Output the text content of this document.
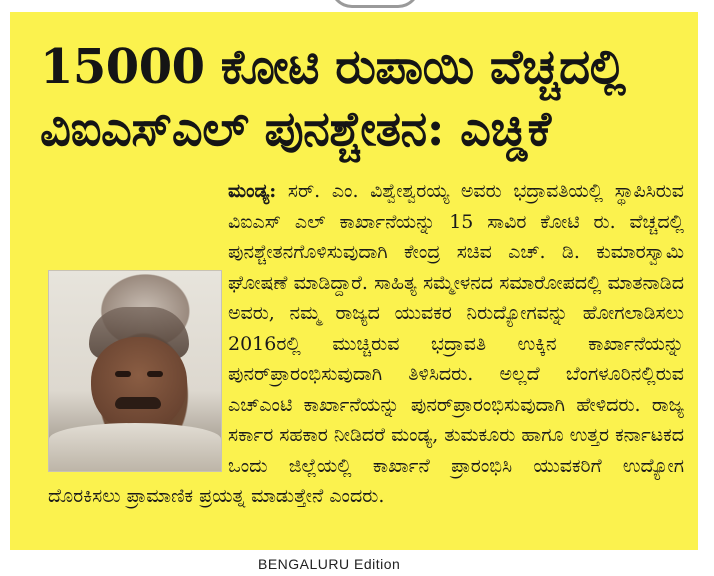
15000 ಕೋಟಿ ರುಪಾಯಿ ವೆಚ್ಚದಲ್ಲಿ
ವಿಐಎಸ್‌ಎಲ್ ಪುನಶ್ಚೇತನ: ಎಚ್ಡಿಕೆ

ಮಂಡ್ಯ: ಸರ್. ಎಂ. ವಿಶ್ವೇಶ್ವರಯ್ಯ ಅವರು ಭದ್ರಾವತಿಯಲ್ಲಿ ಸ್ಥಾಪಿಸಿರುವ ವಿಐಎಸ್ ಎಲ್ ಕಾರ್ಖಾನೆಯನ್ನು 15 ಸಾವಿರ ಕೋಟಿ ರು. ವೆಚ್ಚದಲ್ಲಿ ಪುನಶ್ಚೇತನಗೊಳಿಸುವುದಾಗಿ ಕೇಂದ್ರ ಸಚಿವ ಎಚ್. ಡಿ. ಕುಮಾರಸ್ವಾಮಿ ಘೋಷಣೆ ಮಾಡಿದ್ದಾರೆ. ಸಾಹಿತ್ಯ ಸಮ್ಮೇಳನದ ಸಮಾರೋಪದಲ್ಲಿ ಮಾತನಾಡಿದ ಅವರು, ನಮ್ಮ ರಾಜ್ಯದ ಯುವಕರ ನಿರುದ್ಯೋಗವನ್ನು ಹೋಗಲಾಡಿಸಲು 2016ರಲ್ಲಿ ಮುಚ್ಚಿರುವ ಭದ್ರಾವತಿ ಉಕ್ಕಿನ ಕಾರ್ಖಾನೆಯನ್ನು ಪುನರ್‌ಪ್ರಾರಂಭಿಸುವುದಾಗಿ ತಿಳಿಸಿದರು. ಅಲ್ಲದೆ ಬೆಂಗಳೂರಿನಲ್ಲಿರುವ ಎಚ್‌ಎಂಟಿ ಕಾರ್ಖಾನೆಯನ್ನು ಪುನರ್‌ಪ್ರಾರಂಭಿಸುವುದಾಗಿ ಹೇಳಿದರು. ರಾಜ್ಯ ಸರ್ಕಾರ ಸಹಕಾರ ನೀಡಿದರೆ ಮಂಡ್ಯ, ತುಮಕೂರು ಹಾಗೂ ಉತ್ತರ ಕರ್ನಾಟಕದ ಒಂದು ಜಿಲ್ಲೆಯಲ್ಲಿ ಕಾರ್ಖಾನೆ ಪ್ರಾರಂಭಿಸಿ ಯುವಕರಿಗೆ ಉದ್ಯೋಗ ದೊರಕಿಸಲು ಪ್ರಾಮಾಣಿಕ ಪ್ರಯತ್ನ ಮಾಡುತ್ತೇನೆ ಎಂದರು.

BENGALURU Edition
